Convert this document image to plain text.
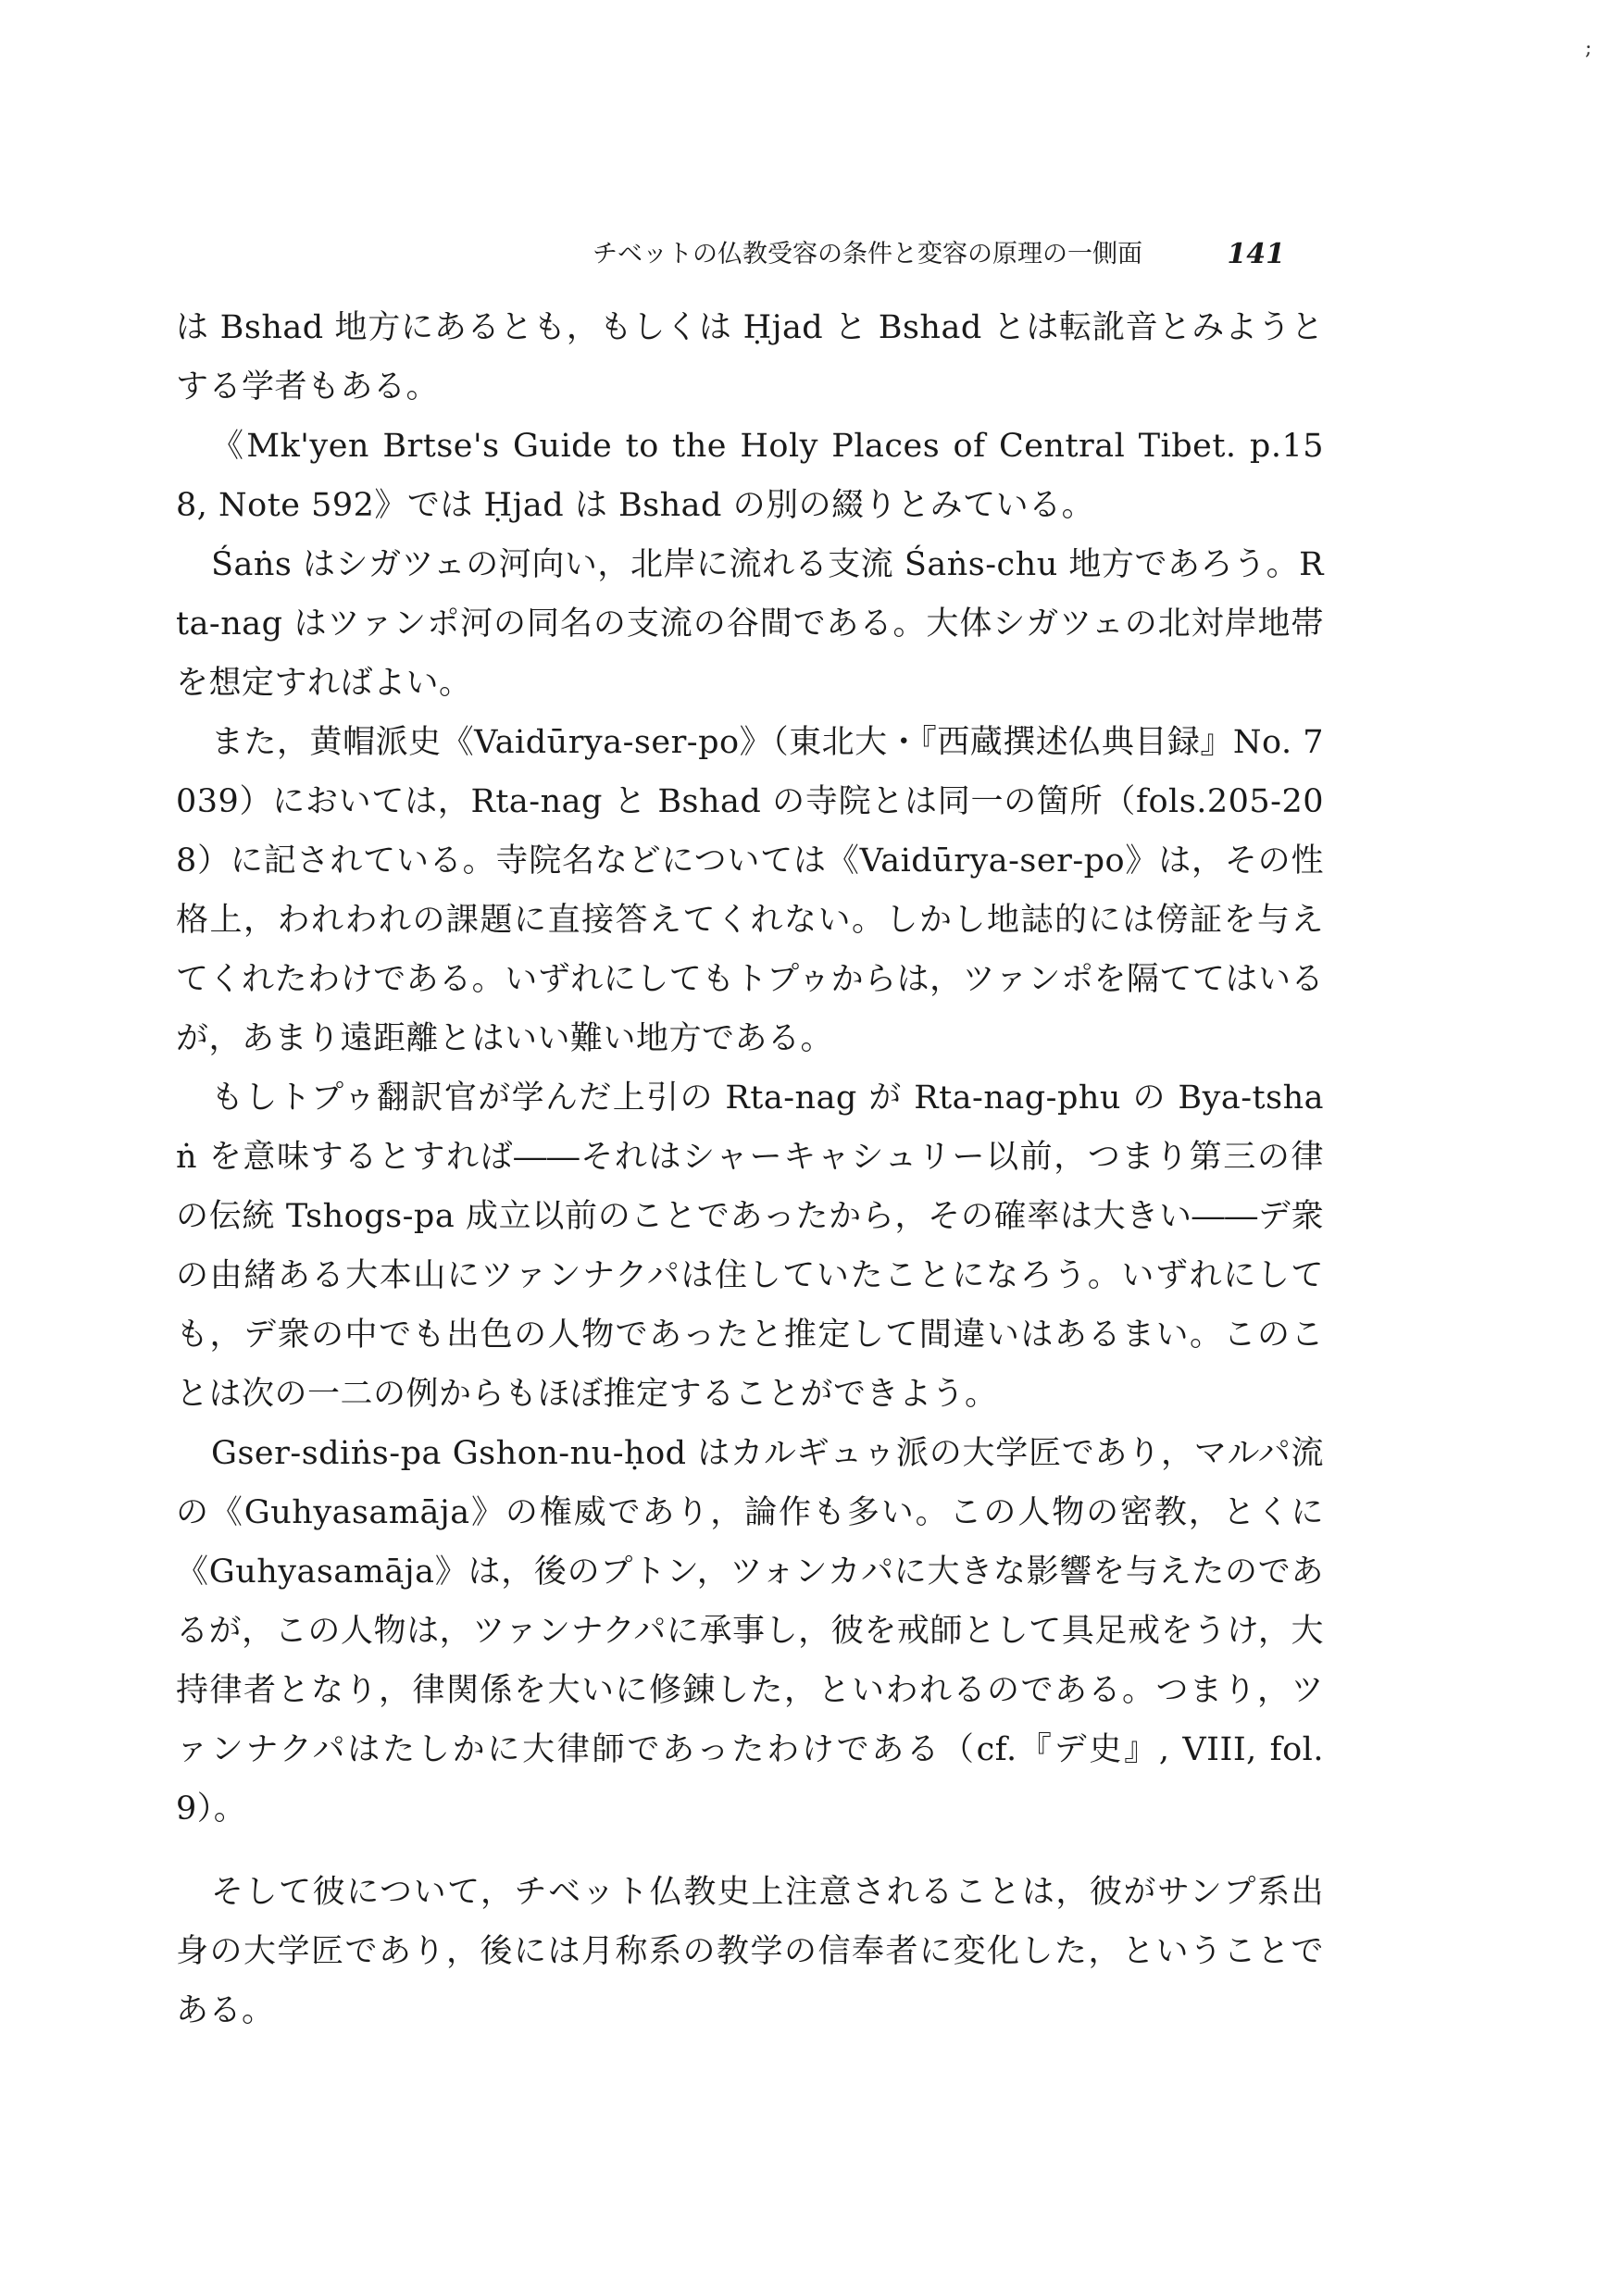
;
チベットの仏教受容の条件と変容の原理の一側面	141

は Bshad 地方にあるとも，もしくは Ḥjad と Bshad とは転訛音とみようとする学者もある。

《Mk'yen Brtse's Guide to the Holy Places of Central Tibet. p.158, Note 592》では Ḥjad は Bshad の別の綴りとみている。

Śaṅs はシガツェの河向い，北岸に流れる支流 Śaṅs-chu 地方であろう。Rta-nag はツァンポ河の同名の支流の谷間である。大体シガツェの北対岸地帯を想定すればよい。

また，黄帽派史《Vaidūrya-ser-po》（東北大・『西蔵撰述仏典目録』No. 7039）においては，Rta-nag と Bshad の寺院とは同一の箇所（fols.205-208）に記されている。寺院名などについては《Vaidūrya-ser-po》は，その性格上，われわれの課題に直接答えてくれない。しかし地誌的には傍証を与えてくれたわけである。いずれにしてもトプゥからは，ツァンポを隔ててはいるが，あまり遠距離とはいい難い地方である。

もしトプゥ翻訳官が学んだ上引の Rta-nag が Rta-nag-phu の Bya-tshaṅ を意味するとすれば――それはシャーキャシュリー以前，つまり第三の律の伝統 Tshogs-pa 成立以前のことであったから，その確率は大きい――デ衆の由緒ある大本山にツァンナクパは住していたことになろう。いずれにしても，デ衆の中でも出色の人物であったと推定して間違いはあるまい。このことは次の一二の例からもほぼ推定することができよう。

Gser-sdiṅs-pa Gshon-nu-ḥod はカルギュゥ派の大学匠であり，マルパ流の《Guhyasamāja》の権威であり，論作も多い。この人物の密教，とくに《Guhyasamāja》は，後のプトン，ツォンカパに大きな影響を与えたのであるが，この人物は，ツァンナクパに承事し，彼を戒師として具足戒をうけ，大持律者となり，律関係を大いに修錬した，といわれるのである。つまり，ツァンナクパはたしかに大律師であったわけである（cf.『デ史』, VIII, fol. 9）。

そして彼について，チベット仏教史上注意されることは，彼がサンプ系出身の大学匠であり，後には月称系の教学の信奉者に変化した，ということである。
